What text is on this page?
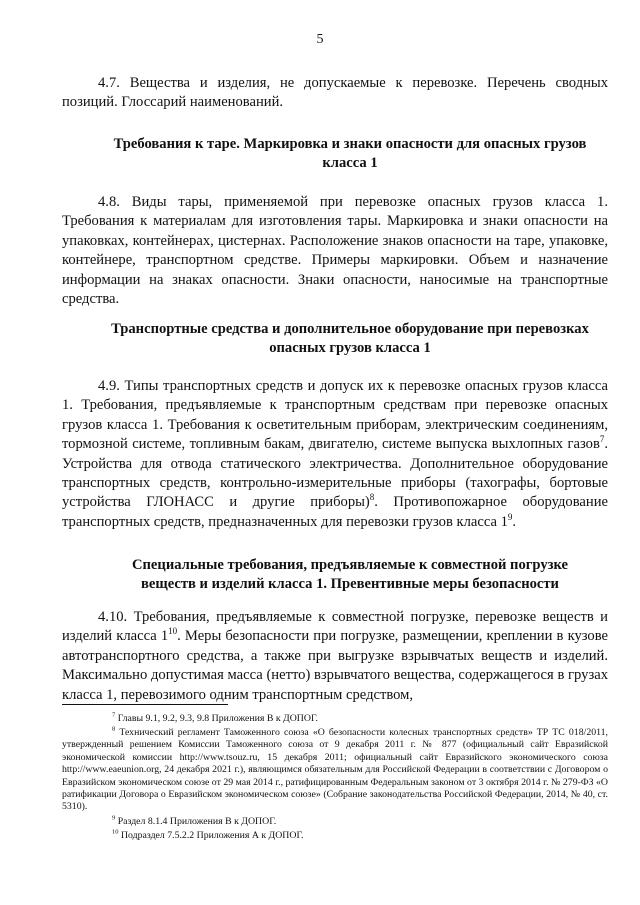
5

4.7. Вещества и изделия, не допускаемые к перевозке. Перечень сводных позиций. Глоссарий наименований.

Требования к таре. Маркировка и знаки опасности для опасных грузов
класса 1

4.8. Виды тары, применяемой при перевозке опасных грузов класса 1. Требования к материалам для изготовления тары. Маркировка и знаки опасности на упаковках, контейнерах, цистернах. Расположение знаков опасности на таре, упаковке, контейнере, транспортном средстве. Примеры маркировки. Объем и назначение информации на знаках опасности. Знаки опасности, наносимые на транспортные средства.

Транспортные средства и дополнительное оборудование при перевозках
опасных грузов класса 1

4.9. Типы транспортных средств и допуск их к перевозке опасных грузов класса 1. Требования, предъявляемые к транспортным средствам при перевозке опасных грузов класса 1. Требования к осветительным приборам, электрическим соединениям, тормозной системе, топливным бакам, двигателю, системе выпуска выхлопных газов$^7$. Устройства для отвода статического электричества. Дополнительное оборудование транспортных средств, контрольно-измерительные приборы (тахографы, бортовые устройства ГЛОНАСС и другие приборы)$^8$. Противопожарное оборудование транспортных средств, предназначенных для перевозки грузов класса $1^9$.

Специальные требования, предъявляемые к совместной погрузке
веществ и изделий класса 1. Превентивные меры безопасности

4.10. Требования, предъявляемые к совместной погрузке, перевозке веществ и изделий класса $1^{10}$. Меры безопасности при погрузке, размещении, креплении в кузове автотранспортного средства, а также при выгрузке взрывчатых веществ и изделий. Максимально допустимая масса (нетто) взрывчатого вещества, содержащегося в грузах класса 1, перевозимого одним транспортным средством,

$^7$ Главы 9.1, 9.2, 9.3, 9.8 Приложения В к ДОПОГ.

$^8$ Технический регламент Таможенного союза «О безопасности колесных транспортных средств» ТР ТС 018/2011, утвержденный решением Комиссии Таможенного союза от 9 декабря 2011 г. № 877 (официальный сайт Евразийской экономической комиссии http://www.tsouz.ru, 15 декабря 2011; официальный сайт Евразийского экономического союза http://www.eaeunion.org, 24 декабря 2021 г.), являющимся обязательным для Российской Федерации в соответствии с Договором о Евразийском экономическом союзе от 29 мая 2014 г., ратифицированным Федеральным законом от 3 октября 2014 г. № 279-ФЗ «О ратификации Договора о Евразийском экономическом союзе» (Собрание законодательства Российской Федерации, 2014, № 40, ст. 5310).

$^9$ Раздел 8.1.4 Приложения В к ДОПОГ.

$^{10}$ Подраздел 7.5.2.2 Приложения А к ДОПОГ.
